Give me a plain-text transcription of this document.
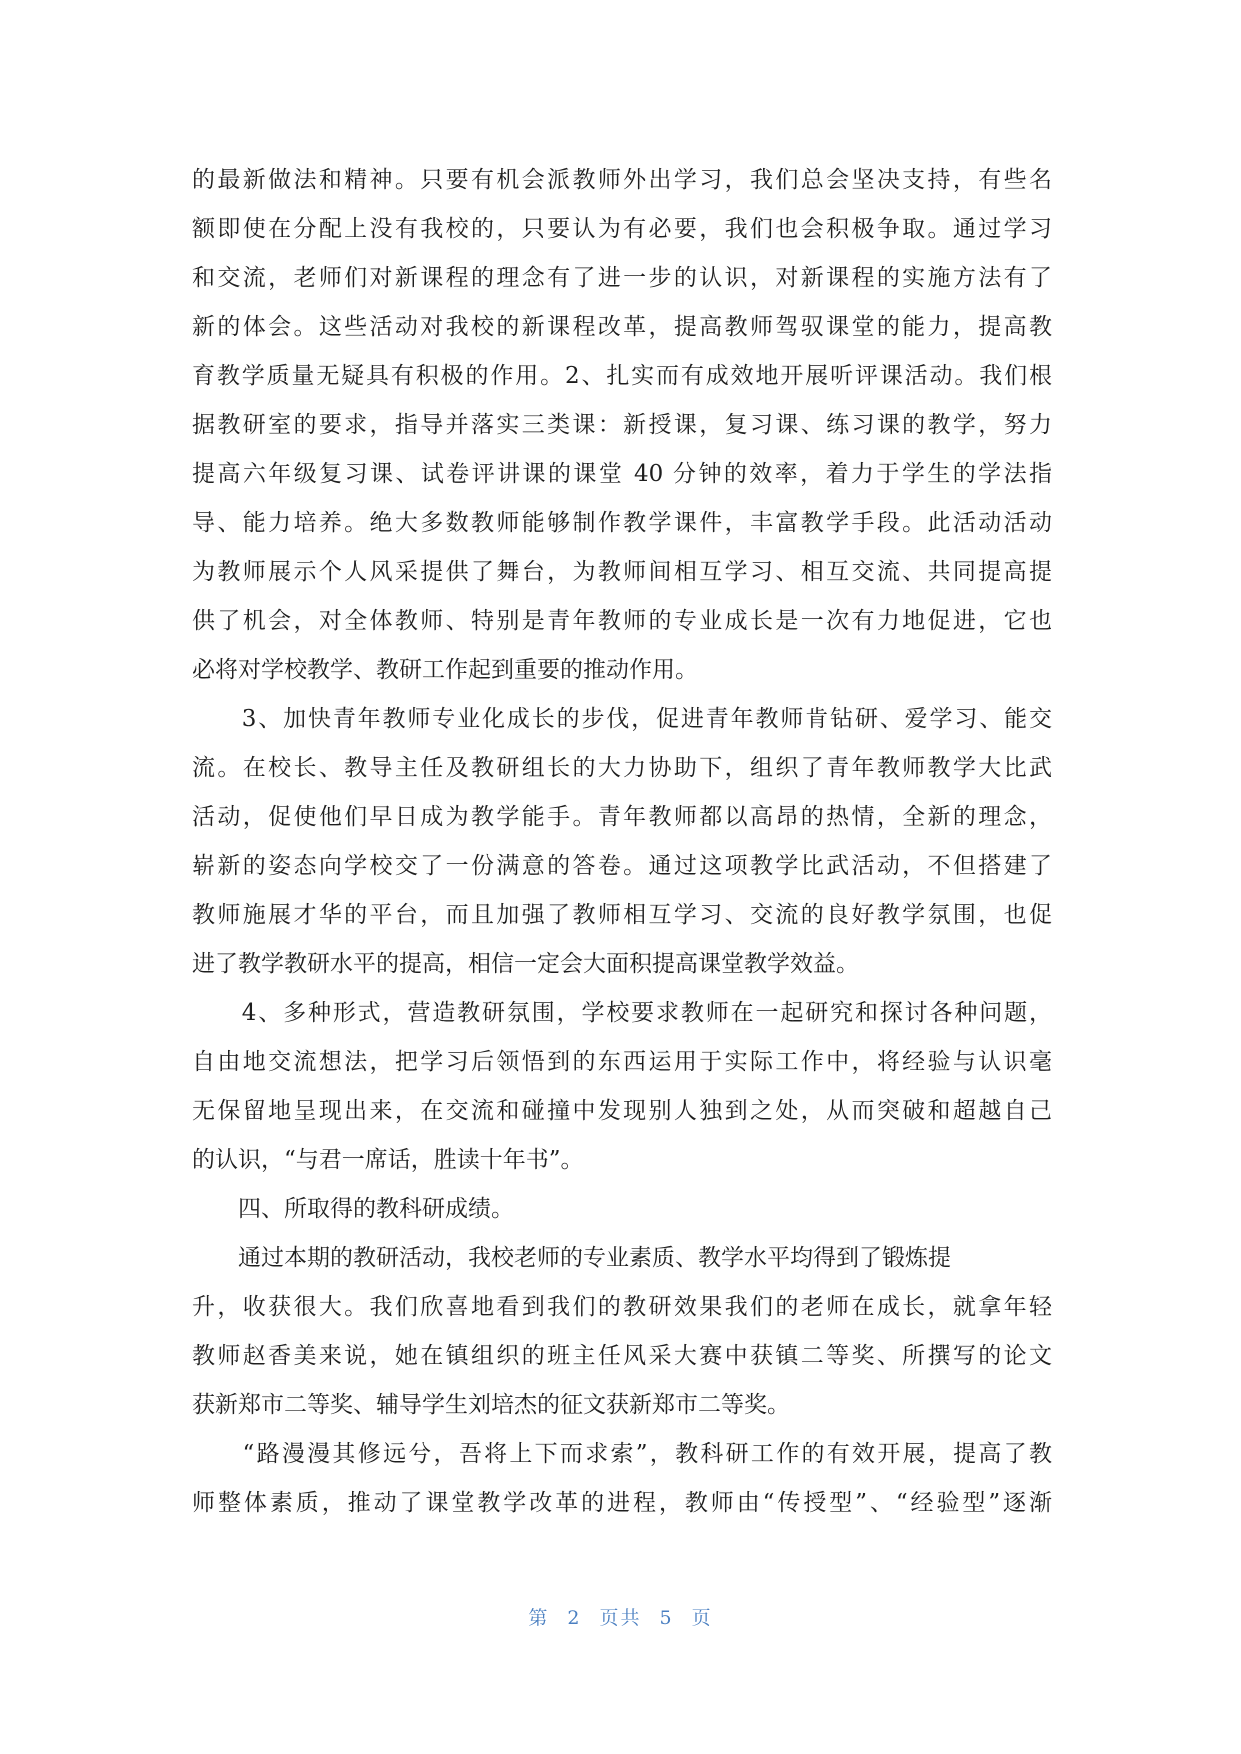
的最新做法和精神。只要有机会派教师外出学习，我们总会坚决支持，有些名

额即使在分配上没有我校的，只要认为有必要，我们也会积极争取。通过学习

和交流，老师们对新课程的理念有了进一步的认识，对新课程的实施方法有了

新的体会。这些活动对我校的新课程改革，提高教师驾驭课堂的能力，提高教

育教学质量无疑具有积极的作用。2、扎实而有成效地开展听评课活动。我们根

据教研室的要求，指导并落实三类课：新授课，复习课、练习课的教学，努力

提高六年级复习课、试卷评讲课的课堂 40 分钟的效率，着力于学生的学法指

导、能力培养。绝大多数教师能够制作教学课件，丰富教学手段。此活动活动

为教师展示个人风采提供了舞台，为教师间相互学习、相互交流、共同提高提

供了机会，对全体教师、特别是青年教师的专业成长是一次有力地促进，它也

必将对学校教学、教研工作起到重要的推动作用。

　　3、加快青年教师专业化成长的步伐，促进青年教师肯钻研、爱学习、能交

流。在校长、教导主任及教研组长的大力协助下，组织了青年教师教学大比武

活动，促使他们早日成为教学能手。青年教师都以高昂的热情，全新的理念，

崭新的姿态向学校交了一份满意的答卷。通过这项教学比武活动，不但搭建了

教师施展才华的平台，而且加强了教师相互学习、交流的良好教学氛围，也促

进了教学教研水平的提高，相信一定会大面积提高课堂教学效益。

　　4、多种形式，营造教研氛围，学校要求教师在一起研究和探讨各种问题，

自由地交流想法，把学习后领悟到的东西运用于实际工作中，将经验与认识毫

无保留地呈现出来，在交流和碰撞中发现别人独到之处，从而突破和超越自己

的认识，“与君一席话，胜读十年书”。

　　四、所取得的教科研成绩。

　　通过本期的教研活动，我校老师的专业素质、教学水平均得到了锻炼提

升，收获很大。我们欣喜地看到我们的教研效果我们的老师在成长，就拿年轻

教师赵香美来说，她在镇组织的班主任风采大赛中获镇二等奖、所撰写的论文

获新郑市二等奖、辅导学生刘培杰的征文获新郑市二等奖。

　　“路漫漫其修远兮，吾将上下而求索”，教科研工作的有效开展，提高了教

师整体素质，推动了课堂教学改革的进程，教师由“传授型”、“经验型”逐渐

第 2 页共 5 页
